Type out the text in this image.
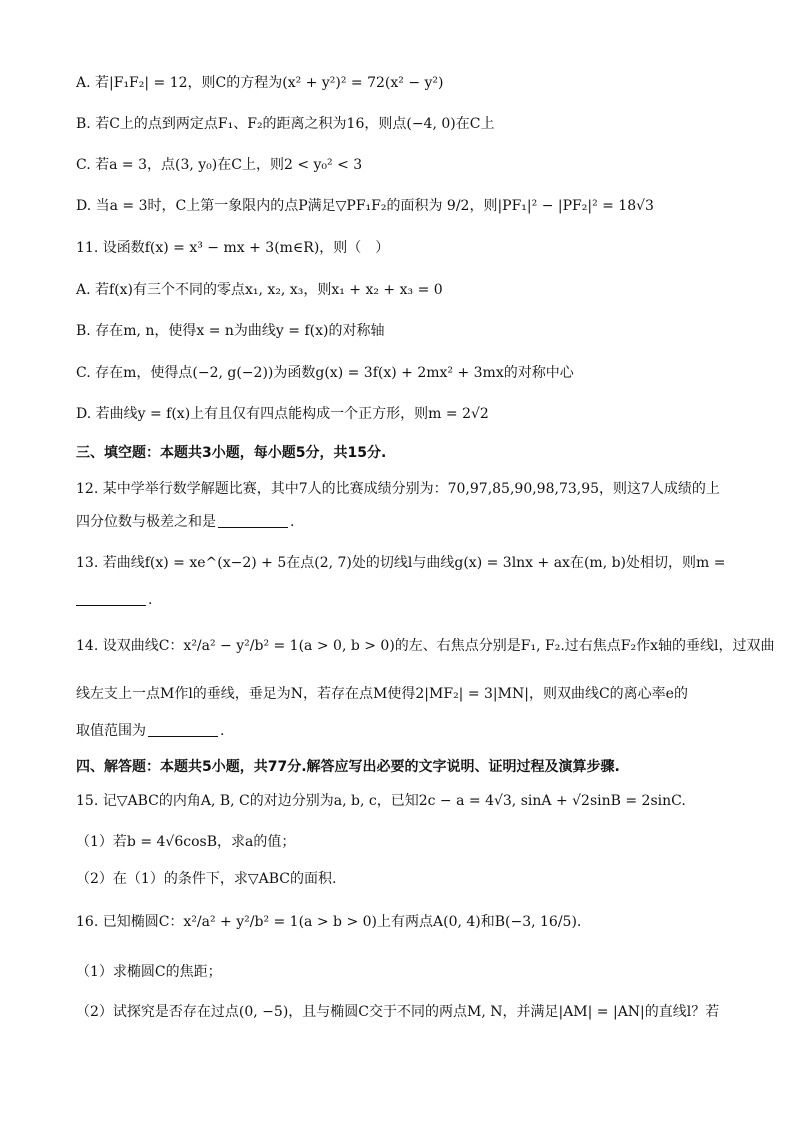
A. 若|F₁F₂| = 12，则C的方程为(x² + y²)² = 72(x² − y²)
B. 若C上的点到两定点F₁、F₂的距离之积为16，则点(−4, 0)在C上
C. 若a = 3，点(3, y₀)在C上，则2 < y₀² < 3
D. 当a = 3时，C上第一象限内的点P满足▽PF₁F₂的面积为 9/2，则|PF₁|² − |PF₂|² = 18√3
11. 设函数f(x) = x³ − mx + 3(m∈R)，则（　）
A. 若f(x)有三个不同的零点x₁, x₂, x₃，则x₁ + x₂ + x₃ = 0
B. 存在m, n，使得x = n为曲线y = f(x)的对称轴
C. 存在m，使得点(−2, g(−2))为函数g(x) = 3f(x) + 2mx² + 3mx的对称中心
D. 若曲线y = f(x)上有且仅有四点能构成一个正方形，则m = 2√2
三、填空题：本题共3小题，每小题5分，共15分.
12. 某中学举行数学解题比赛，其中7人的比赛成绩分别为：70,97,85,90,98,73,95，则这7人成绩的上
四分位数与极差之和是	.
13. 若曲线f(x) = xe^(x−2) + 5在点(2, 7)处的切线l与曲线g(x) = 3lnx + ax在(m, b)处相切，则m =
.
14. 设双曲线C：x²/a² − y²/b² = 1(a > 0, b > 0)的左、右焦点分别是F₁, F₂.过右焦点F₂作x轴的垂线l，过双曲
线左支上一点M作l的垂线，垂足为N，若存在点M使得2|MF₂| = 3|MN|，则双曲线C的离心率e的
取值范围为	.
四、解答题：本题共5小题，共77分.解答应写出必要的文字说明、证明过程及演算步骤.
15. 记▽ABC的内角A, B, C的对边分别为a, b, c，已知2c − a = 4√3, sinA + √2sinB = 2sinC.
（1）若b = 4√6cosB，求a的值；
（2）在（1）的条件下，求▽ABC的面积.
16. 已知椭圆C：x²/a² + y²/b² = 1(a > b > 0)上有两点A(0, 4)和B(−3, 16/5).
（1）求椭圆C的焦距；
（2）试探究是否存在过点(0, −5)，且与椭圆C交于不同的两点M, N，并满足|AM| = |AN|的直线l？若
